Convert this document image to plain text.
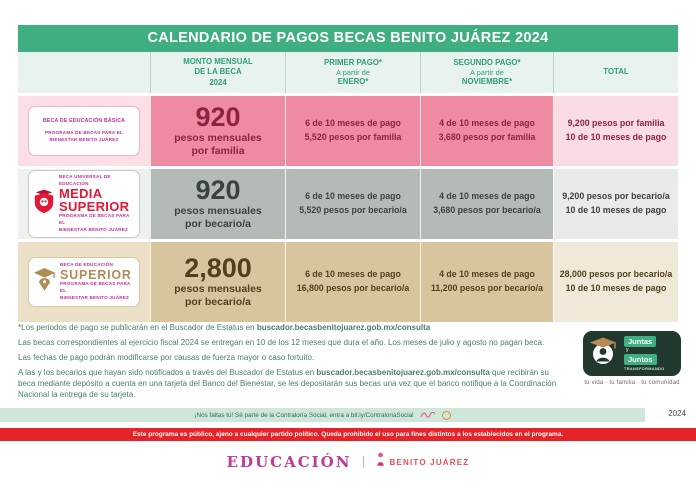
CALENDARIO DE PAGOS BECAS BENITO JUÁREZ 2024
MONTO MENSUAL
DE LA BECA
2024
PRIMER PAGO*
A partir de
ENERO*
SEGUNDO PAGO*
A partir de
NOVIEMBRE*
TOTAL
BECA DE EDUCACIÓN BÁSICA
PROGRAMA DE BECAS PARA EL
BIENESTAR BENITO JUÁREZ
920
pesos mensuales
por familia
6 de 10 meses de pago
5,520 pesos por familia
4 de 10 meses de pago
3,680 pesos por familia
9,200 pesos por familia
10 de 10 meses de pago
BECA UNIVERSAL DE EDUCACIÓN
MEDIA
SUPERIOR
PROGRAMA DE BECAS PARA EL
BIENESTAR BENITO JUÁREZ
920
pesos mensuales
por becario/a
6 de 10 meses de pago
5,520 pesos por becario/a
4 de 10 meses de pago
3,680 pesos por becario/a
9,200 pesos por becario/a
10 de 10 meses de pago
BECA DE EDUCACIÓN
SUPERIOR
PROGRAMA DE BECAS PARA EL
BIENESTAR BENITO JUÁREZ
2,800
pesos mensuales
por becario/a
6 de 10 meses de pago
16,800 pesos por becario/a
4 de 10 meses de pago
11,200 pesos por becario/a
28,000 pesos por becario/a
10 de 10 meses de pago

*Los periodos de pago se publicarán en el Buscador de Estatus en buscador.becasbenitojuarez.gob.mx/consulta

Las becas correspondientes al ejercicio fiscal 2024 se entregan en 10 de los 12 meses que dura el año. Los meses de julio y agosto no pagan beca.

Las fechas de pago podrán modificarse por causas de fuerza mayor o caso fortuito.

A las y los becarios que hayan sido notificados a través del Buscador de Estatus en buscador.becasbenitojuarez.gob.mx/consulta que recibirán su beca mediante depósito a cuenta en una tarjeta del Banco del Bienestar, se les depositarán sus becas una vez que el banco notifique a la Coordinación Nacional la entrega de su tarjeta.

Juntas
y
Juntos
TRANSFORMANDO
tu vida · tu familia · tu comunidad
¡Nos faltas tú! Sé parte de la Contraloría Social, entra a bit.ly/ContraloriaSocial	2024
Este programa es público, ajeno a cualquier partido político. Queda prohibido el uso para fines distintos a los establecidos en el programa.
EDUCACIÓN	BENITO JUÁREZ
